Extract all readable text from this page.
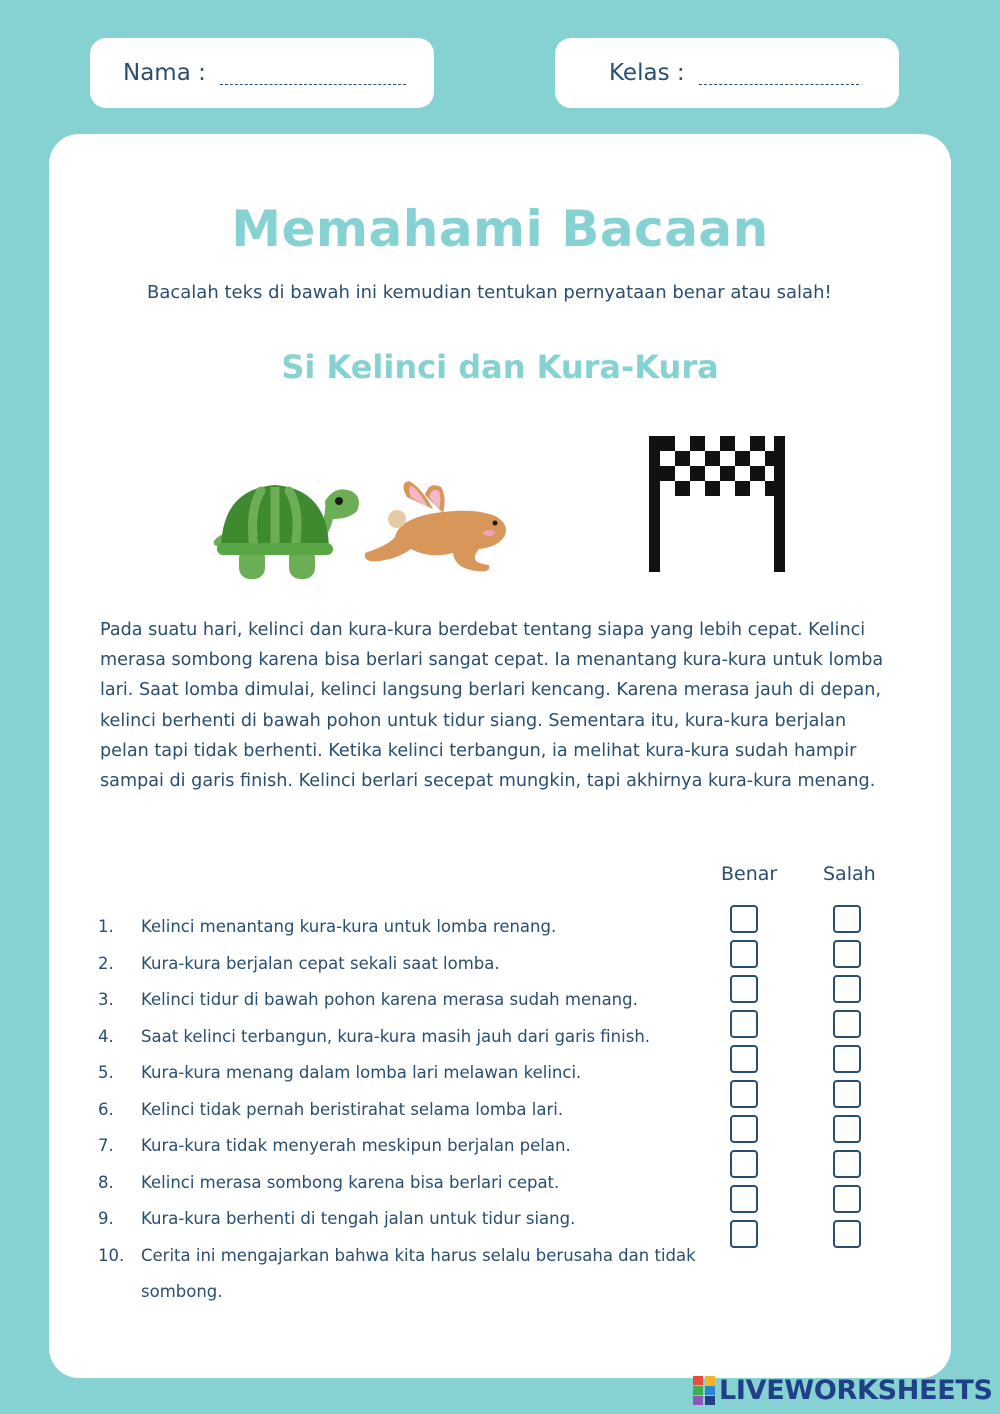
Nama :	Kelas :
Memahami Bacaan
Bacalah teks di bawah ini kemudian tentukan pernyataan benar atau salah!
Si Kelinci dan Kura-Kura
Pada suatu hari, kelinci dan kura-kura berdebat tentang siapa yang lebih cepat. Kelinci merasa sombong karena bisa berlari sangat cepat. Ia menantang kura-kura untuk lomba lari. Saat lomba dimulai, kelinci langsung berlari kencang. Karena merasa jauh di depan, kelinci berhenti di bawah pohon untuk tidur siang. Sementara itu, kura-kura berjalan pelan tapi tidak berhenti. Ketika kelinci terbangun, ia melihat kura-kura sudah hampir sampai di garis finish. Kelinci berlari secepat mungkin, tapi akhirnya kura-kura menang.
Benar Salah
1.	Kelinci menantang kura-kura untuk lomba renang.
2.	Kura-kura berjalan cepat sekali saat lomba.
3.	Kelinci tidur di bawah pohon karena merasa sudah menang.
4.	Saat kelinci terbangun, kura-kura masih jauh dari garis finish.
5.	Kura-kura menang dalam lomba lari melawan kelinci.
6.	Kelinci tidak pernah beristirahat selama lomba lari.
7.	Kura-kura tidak menyerah meskipun berjalan pelan.
8.	Kelinci merasa sombong karena bisa berlari cepat.
9.	Kura-kura berhenti di tengah jalan untuk tidur siang.
10.	Cerita ini mengajarkan bahwa kita harus selalu berusaha dan tidak sombong.
LIVEWORKSHEETS
